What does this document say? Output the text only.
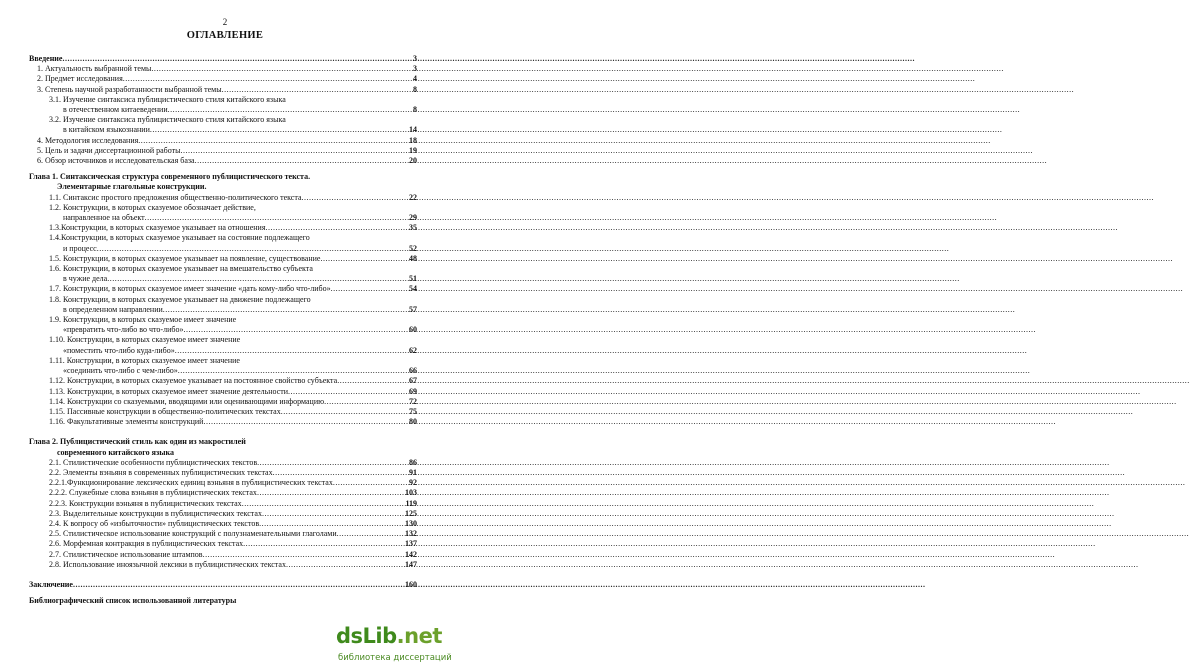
2
ОГЛАВЛЕНИЕ
Введение .....	3
1. Актуальность выбранной темы .....	3
2. Предмет исследования .....	4
3. Степень научной разработанности выбранной темы .....	8
3.1. Изучение синтаксиса публицистического стиля китайского языка
в отечественном китаеведении .....	8
3.2. Изучение синтаксиса публицистического стиля китайского языка
в китайском языкознании .....	14
4. Методология исследования .....	18
5. Цель и задачи диссертационной работы .....	19
6. Обзор источников и исследовательская база .....	20
Глава 1. Синтаксическая структура современного публицистического текста.
Элементарные глагольные конструкции.
1.1. Синтаксис простого предложения общественно-политического текста .....	22
1.2. Конструкции, в которых сказуемое обозначает действие,
направленное на объект .....	29
1.3.Конструкции, в которых сказуемое указывает на отношения .....	35
1.4.Конструкции, в которых сказуемое указывает на состояние подлежащего
и процесс .....	52
1.5. Конструкции, в которых сказуемое указывает на появление, существование .....	48
1.6. Конструкции, в которых сказуемое указывает на вмешательство субъекта
в чужие дела .....	51
1.7. Конструкции, в которых сказуемое имеет значение «дать кому-либо что-либо» .....	54
1.8. Конструкции, в которых сказуемое указывает на движение подлежащего
в определенном направлении .....	57
1.9. Конструкции, в которых сказуемое имеет значение
«превратить что-либо во что-либо» .....	60
1.10. Конструкции, в которых сказуемое имеет значение
«поместить что-либо куда-либо» .....	62
1.11. Конструкции, в которых сказуемое имеет значение
«соединить что-либо с чем-либо» .....	66
1.12. Конструкции, в которых сказуемое указывает на постоянное свойство субъекта .....	67
1.13. Конструкции, в которых сказуемое имеет значение деятельности .....	69
1.14. Конструкции со сказуемыми, вводящими или оценивающими информацию .....	72
1.15. Пассивные конструкции в общественно-политических текстах .....	75
1.16. Факультативные элементы конструкций .....	80
Глава 2. Публицистический стиль как один из макростилей
современного китайского языка
2.1. Стилистические особенности публицистических текстов .....	86
2.2. Элементы вэньяня в современных публицистических текстах .....	91
2.2.1.Функционирование лексических единиц вэньяня в публицистических текстах .....	92
2.2.2. Служебные слова вэньяня в публицистических текстах .....	103
2.2.3. Конструкции вэньяня в публицистических текстах .....	119
2.3. Выделительные конструкции в публицистических текстах .....	125
2.4. К вопросу об «избыточности» публицистических текстов .....	130
2.5. Стилистическое использование конструкций с полузнаменательными глаголами .....	132
2.6. Морфемная контракция в публицистических текстах .....	137
2.7. Стилистическое использование штампов .....	142
2.8. Использование иноязычной лексики в публицистических текстах .....	147
Заключение .....	160
Библиографический список использованной литературы
dsLib.net
библиотека диссертаций
